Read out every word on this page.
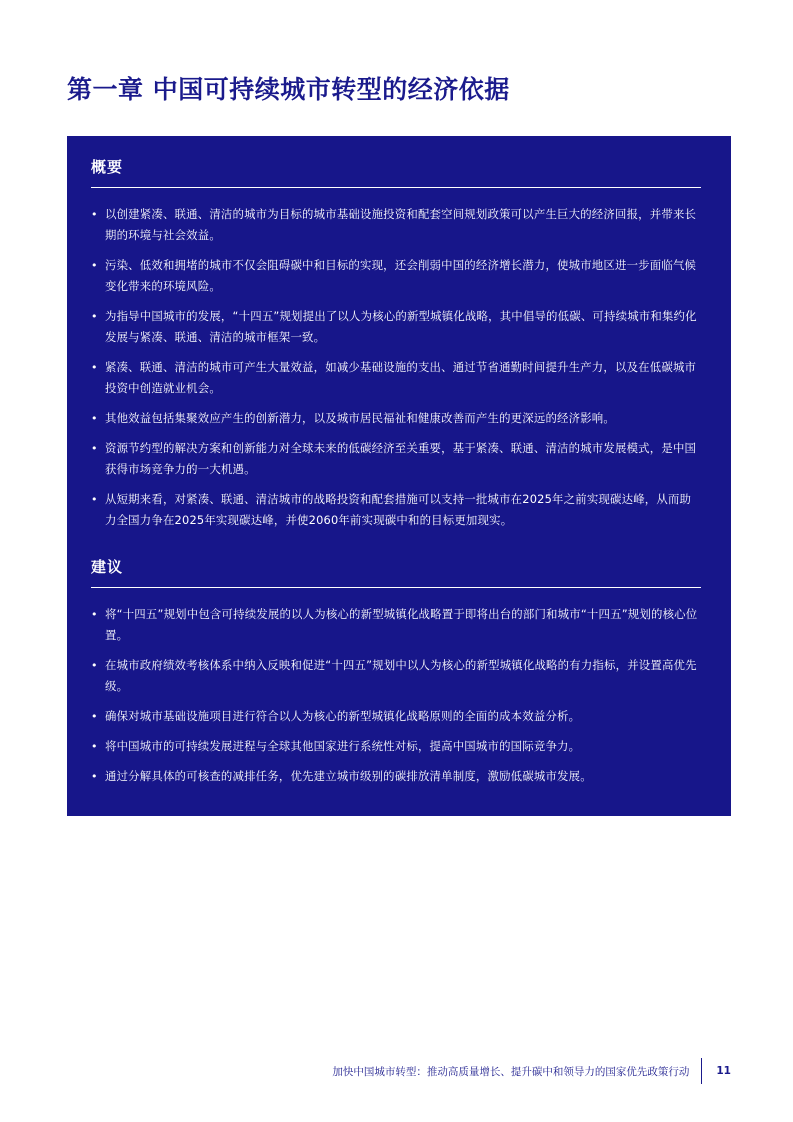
第一章 中国可持续城市转型的经济依据
概要
• 以创建紧凑、联通、清洁的城市为目标的城市基础设施投资和配套空间规划政策可以产生巨大的经济回报，并带来长期的环境与社会效益。
• 污染、低效和拥堵的城市不仅会阻碍碳中和目标的实现，还会削弱中国的经济增长潜力，使城市地区进一步面临气候变化带来的环境风险。
• 为指导中国城市的发展，“十四五”规划提出了以人为核心的新型城镇化战略，其中倡导的低碳、可持续城市和集约化发展与紧凑、联通、清洁的城市框架一致。
• 紧凑、联通、清洁的城市可产生大量效益，如减少基础设施的支出、通过节省通勤时间提升生产力，以及在低碳城市投资中创造就业机会。
• 其他效益包括集聚效应产生的创新潜力，以及城市居民福祉和健康改善而产生的更深远的经济影响。
• 资源节约型的解决方案和创新能力对全球未来的低碳经济至关重要，基于紧凑、联通、清洁的城市发展模式，是中国获得市场竞争力的一大机遇。
• 从短期来看，对紧凑、联通、清洁城市的战略投资和配套措施可以支持一批城市在2025年之前实现碳达峰，从而助力全国力争在2025年实现碳达峰，并使2060年前实现碳中和的目标更加现实。
建议
• 将“十四五”规划中包含可持续发展的以人为核心的新型城镇化战略置于即将出台的部门和城市“十四五”规划的核心位置。
• 在城市政府绩效考核体系中纳入反映和促进“十四五”规划中以人为核心的新型城镇化战略的有力指标，并设置高优先级。
• 确保对城市基础设施项目进行符合以人为核心的新型城镇化战略原则的全面的成本效益分析。
• 将中国城市的可持续发展进程与全球其他国家进行系统性对标，提高中国城市的国际竞争力。
• 通过分解具体的可核查的减排任务，优先建立城市级别的碳排放清单制度，激励低碳城市发展。
加快中国城市转型：推动高质量增长、提升碳中和领导力的国家优先政策行动	11
